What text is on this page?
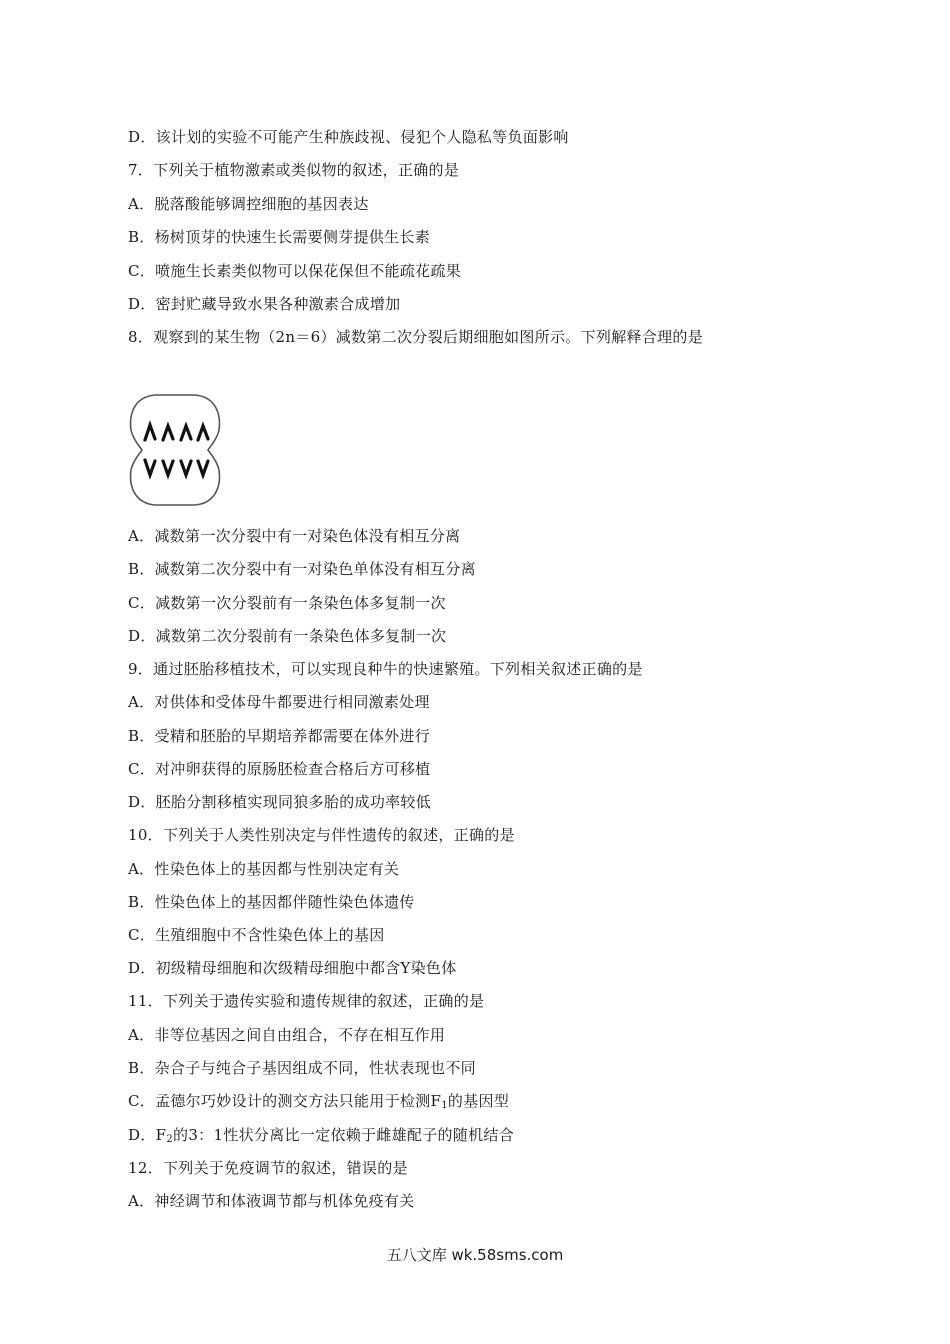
D．该计划的实验不可能产生种族歧视、侵犯个人隐私等负面影响
7．下列关于植物激素或类似物的叙述，正确的是
A．脱落酸能够调控细胞的基因表达
B．杨树顶芽的快速生长需要侧芽提供生长素
C．喷施生长素类似物可以保花保但不能疏花疏果
D．密封贮藏导致水果各种激素合成增加
8．观察到的某生物（2n＝6）减数第二次分裂后期细胞如图所示。下列解释合理的是
A．减数第一次分裂中有一对染色体没有相互分离
B．减数第二次分裂中有一对染色单体没有相互分离
C．减数第一次分裂前有一条染色体多复制一次
D．减数第二次分裂前有一条染色体多复制一次
9．通过胚胎移植技术，可以实现良种牛的快速繁殖。下列相关叙述正确的是
A．对供体和受体母牛都要进行相同激素处理
B．受精和胚胎的早期培养都需要在体外进行
C．对冲卵获得的原肠胚检查合格后方可移植
D．胚胎分割移植实现同狼多胎的成功率较低
10．下列关于人类性别决定与伴性遗传的叙述，正确的是
A．性染色体上的基因都与性别决定有关
B．性染色体上的基因都伴随性染色体遗传
C．生殖细胞中不含性染色体上的基因
D．初级精母细胞和次级精母细胞中都含Y染色体
11．下列关于遗传实验和遗传规律的叙述，正确的是
A．非等位基因之间自由组合，不存在相互作用
B．杂合子与纯合子基因组成不同，性状表现也不同
C．孟德尔巧妙设计的测交方法只能用于检测$F_1$的基因型
D．$F_2$的3：1性状分离比一定依赖于雌雄配子的随机结合
12．下列关于免疫调节的叙述，错误的是
A．神经调节和体液调节都与机体免疫有关
五八文库 wk.58sms.com
